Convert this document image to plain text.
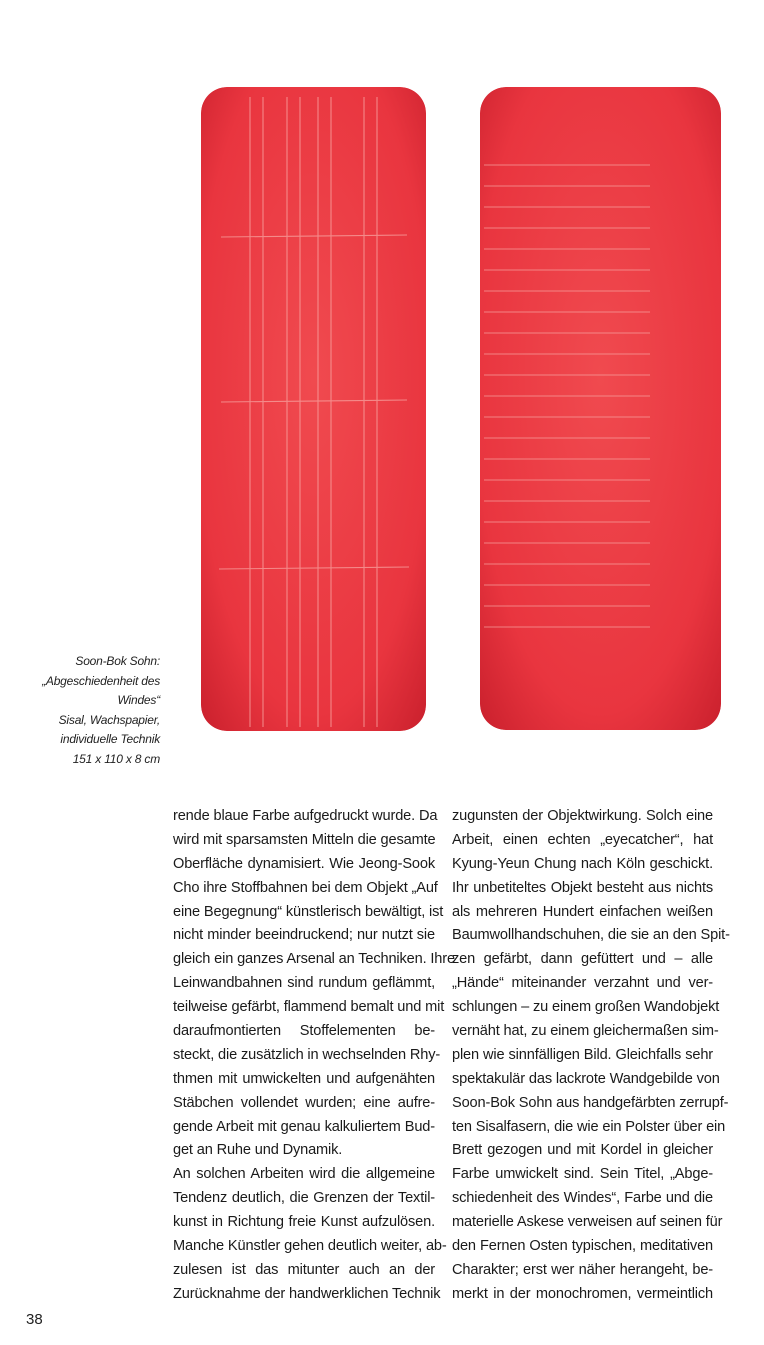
Soon-Bok Sohn:
„Abgeschiedenheit des
Windes“
Sisal, Wachspapier,
individuelle Technik
151 x 110 x 8 cm
rende blaue Farbe aufgedruckt wurde. Da
wird mit sparsamsten Mitteln die gesamte
Oberfläche dynamisiert. Wie Jeong-Sook
Cho ihre Stoffbahnen bei dem Objekt „Auf
eine Begegnung“ künstlerisch bewältigt, ist
nicht minder beeindruckend; nur nutzt sie
gleich ein ganzes Arsenal an Techniken. Ihre
Leinwandbahnen sind rundum geflämmt,
teilweise gefärbt, flammend bemalt und mit
daraufmontierten Stoffelementen be-
steckt, die zusätzlich in wechselnden Rhy-
thmen mit umwickelten und aufgenähten
Stäbchen vollendet wurden; eine aufre-
gende Arbeit mit genau kalkuliertem Bud-
get an Ruhe und Dynamik.
An solchen Arbeiten wird die allgemeine
Tendenz deutlich, die Grenzen der Textil-
kunst in Richtung freie Kunst aufzulösen.
Manche Künstler gehen deutlich weiter, ab-
zulesen ist das mitunter auch an der
Zurücknahme der handwerklichen Technik
zugunsten der Objektwirkung. Solch eine
Arbeit, einen echten „eyecatcher“, hat
Kyung-Yeun Chung nach Köln geschickt.
Ihr unbetiteltes Objekt besteht aus nichts
als mehreren Hundert einfachen weißen
Baumwollhandschuhen, die sie an den Spit-
zen gefärbt, dann gefüttert und – alle
„Hände“ miteinander verzahnt und ver-
schlungen – zu einem großen Wandobjekt
vernäht hat, zu einem gleichermaßen sim-
plen wie sinnfälligen Bild. Gleichfalls sehr
spektakulär das lackrote Wandgebilde von
Soon-Bok Sohn aus handgefärbten zerrupf-
ten Sisalfasern, die wie ein Polster über ein
Brett gezogen und mit Kordel in gleicher
Farbe umwickelt sind. Sein Titel, „Abge-
schiedenheit des Windes“, Farbe und die
materielle Askese verweisen auf seinen für
den Fernen Osten typischen, meditativen
Charakter; erst wer näher herangeht, be-
merkt in der monochromen, vermeintlich
38
